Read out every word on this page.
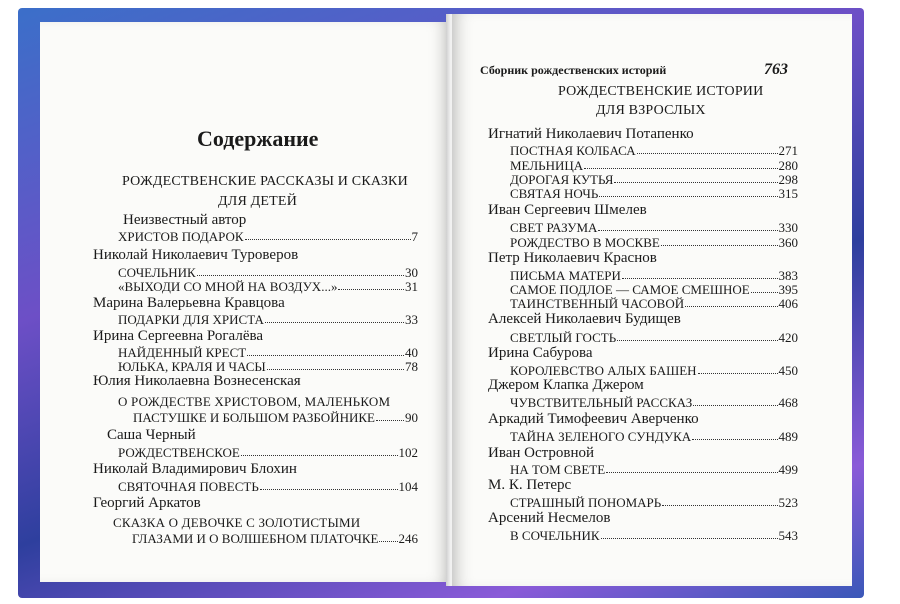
Содержание
РОЖДЕСТВЕНСКИЕ РАССКАЗЫ И СКАЗКИ
ДЛЯ ДЕТЕЙ
Неизвестный автор
ХРИСТОВ ПОДАРОК	7
Николай Николаевич Туроверов
СОЧЕЛЬНИК	30
«ВЫХОДИ СО МНОЙ НА ВОЗДУХ...»	31
Марина Валерьевна Кравцова
ПОДАРКИ ДЛЯ ХРИСТА	33
Ирина Сергеевна Рогалёва
НАЙДЕННЫЙ КРЕСТ	40
ЮЛЬКА, КРАЛЯ И ЧАСЫ	78
Юлия Николаевна Вознесенская
О РОЖДЕСТВЕ ХРИСТОВОМ, МАЛЕНЬКОМ
ПАСТУШКЕ И БОЛЬШОМ РАЗБОЙНИКЕ 90
Саша Черный
РОЖДЕСТВЕНСКОЕ	102
Николай Владимирович Блохин
СВЯТОЧНАЯ ПОВЕСТЬ	104
Георгий Аркатов
СКАЗКА О ДЕВОЧКЕ С ЗОЛОТИСТЫМИ
ГЛАЗАМИ И О ВОЛШЕБНОМ ПЛАТОЧКЕ 246
Сборник рождественских историй	763
РОЖДЕСТВЕНСКИЕ ИСТОРИИ
ДЛЯ ВЗРОСЛЫХ
Игнатий Николаевич Потапенко
ПОСТНАЯ КОЛБАСА	271
МЕЛЬНИЦА	280
ДОРОГАЯ КУТЬЯ	298
СВЯТАЯ НОЧЬ	315
Иван Сергеевич Шмелев
СВЕТ РАЗУМА	330
РОЖДЕСТВО В МОСКВЕ	360
Петр Николаевич Краснов
ПИСЬМА МАТЕРИ	383
САМОЕ ПОДЛОЕ — САМОЕ СМЕШНОЕ 395
ТАИНСТВЕННЫЙ ЧАСОВОЙ	406
Алексей Николаевич Будищев
СВЕТЛЫЙ ГОСТЬ	420
Ирина Сабурова
КОРОЛЕВСТВО АЛЫХ БАШЕН	450
Джером Клапка Джером
ЧУВСТВИТЕЛЬНЫЙ РАССКАЗ	468
Аркадий Тимофеевич Аверченко
ТАЙНА ЗЕЛЕНОГО СУНДУКА	489
Иван Островной
НА ТОМ СВЕТЕ	499
М. К. Петерс
СТРАШНЫЙ ПОНОМАРЬ	523
Арсений Несмелов
В СОЧЕЛЬНИК	543
